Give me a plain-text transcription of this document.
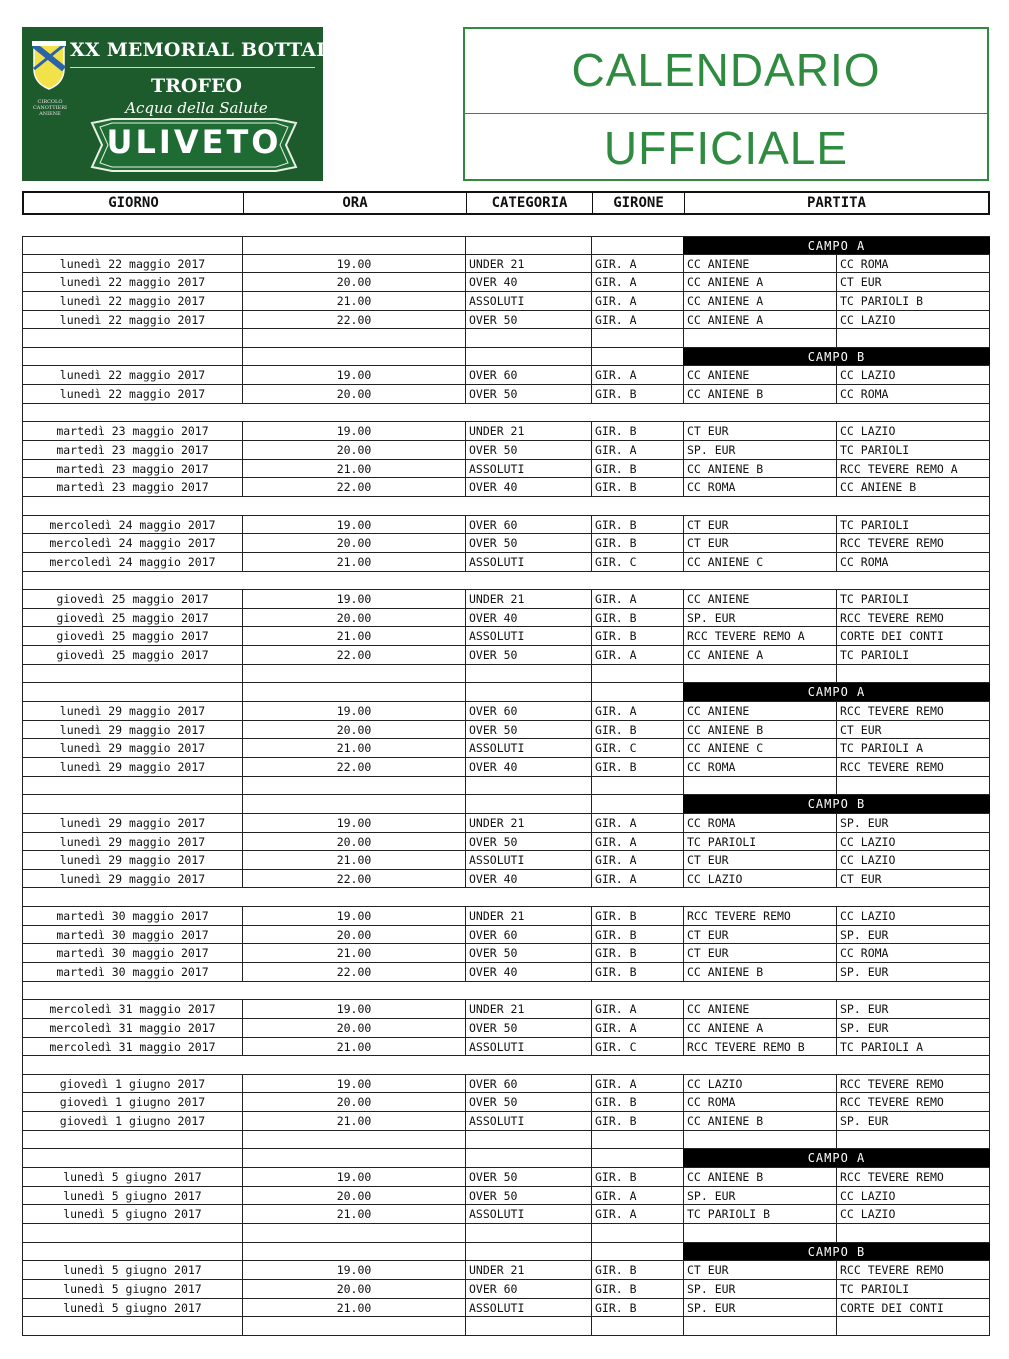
CIRCOLO CANOTTIERI ANIENE
XX MEMORIAL BOTTAI
TROFEO
Acqua della Salute
ULIVETO
CALENDARIO
UFFICIALE
GIORNO	ORA	CATEGORIA	GIRONE	PARTITA
CAMPO A
lunedì 22 maggio 2017	19.00	UNDER 21	GIR. A	CC ANIENE	CC ROMA
lunedì 22 maggio 2017	20.00	OVER 40	GIR. A	CC ANIENE A	CT EUR
lunedì 22 maggio 2017	21.00	ASSOLUTI	GIR. A	CC ANIENE A	TC PARIOLI B
lunedì 22 maggio 2017	22.00	OVER 50	GIR. A	CC ANIENE A	CC LAZIO
CAMPO B
lunedì 22 maggio 2017	19.00	OVER 60	GIR. A	CC ANIENE	CC LAZIO
lunedì 22 maggio 2017	20.00	OVER 50	GIR. B	CC ANIENE B	CC ROMA
martedì 23 maggio 2017	19.00	UNDER 21	GIR. B	CT EUR	CC LAZIO
martedì 23 maggio 2017	20.00	OVER 50	GIR. A	SP. EUR	TC PARIOLI
martedì 23 maggio 2017	21.00	ASSOLUTI	GIR. B	CC ANIENE B	RCC TEVERE REMO A
martedì 23 maggio 2017	22.00	OVER 40	GIR. B	CC ROMA	CC ANIENE B
mercoledì 24 maggio 2017	19.00	OVER 60	GIR. B	CT EUR	TC PARIOLI
mercoledì 24 maggio 2017	20.00	OVER 50	GIR. B	CT EUR	RCC TEVERE REMO
mercoledì 24 maggio 2017	21.00	ASSOLUTI	GIR. C	CC ANIENE C	CC ROMA
giovedì 25 maggio 2017	19.00	UNDER 21	GIR. A	CC ANIENE	TC PARIOLI
giovedì 25 maggio 2017	20.00	OVER 40	GIR. B	SP. EUR	RCC TEVERE REMO
giovedì 25 maggio 2017	21.00	ASSOLUTI	GIR. B	RCC TEVERE REMO A	CORTE DEI CONTI
giovedì 25 maggio 2017	22.00	OVER 50	GIR. A	CC ANIENE A	TC PARIOLI
CAMPO A
lunedì 29 maggio 2017	19.00	OVER 60	GIR. A	CC ANIENE	RCC TEVERE REMO
lunedì 29 maggio 2017	20.00	OVER 50	GIR. B	CC ANIENE B	CT EUR
lunedì 29 maggio 2017	21.00	ASSOLUTI	GIR. C	CC ANIENE C	TC PARIOLI A
lunedì 29 maggio 2017	22.00	OVER 40	GIR. B	CC ROMA	RCC TEVERE REMO
CAMPO B
lunedì 29 maggio 2017	19.00	UNDER 21	GIR. A	CC ROMA	SP. EUR
lunedì 29 maggio 2017	20.00	OVER 50	GIR. A	TC PARIOLI	CC LAZIO
lunedì 29 maggio 2017	21.00	ASSOLUTI	GIR. A	CT EUR	CC LAZIO
lunedì 29 maggio 2017	22.00	OVER 40	GIR. A	CC LAZIO	CT EUR
martedì 30 maggio 2017	19.00	UNDER 21	GIR. B	RCC TEVERE REMO	CC LAZIO
martedì 30 maggio 2017	20.00	OVER 60	GIR. B	CT EUR	SP. EUR
martedì 30 maggio 2017	21.00	OVER 50	GIR. B	CT EUR	CC ROMA
martedì 30 maggio 2017	22.00	OVER 40	GIR. B	CC ANIENE B	SP. EUR
mercoledì 31 maggio 2017	19.00	UNDER 21	GIR. A	CC ANIENE	SP. EUR
mercoledì 31 maggio 2017	20.00	OVER 50	GIR. A	CC ANIENE A	SP. EUR
mercoledì 31 maggio 2017	21.00	ASSOLUTI	GIR. C	RCC TEVERE REMO B	TC PARIOLI A
giovedì 1 giugno 2017	19.00	OVER 60	GIR. A	CC LAZIO	RCC TEVERE REMO
giovedì 1 giugno 2017	20.00	OVER 50	GIR. B	CC ROMA	RCC TEVERE REMO
giovedì 1 giugno 2017	21.00	ASSOLUTI	GIR. B	CC ANIENE B	SP. EUR
CAMPO A
lunedì 5 giugno 2017	19.00	OVER 50	GIR. B	CC ANIENE B	RCC TEVERE REMO
lunedì 5 giugno 2017	20.00	OVER 50	GIR. A	SP. EUR	CC LAZIO
lunedì 5 giugno 2017	21.00	ASSOLUTI	GIR. A	TC PARIOLI B	CC LAZIO
CAMPO B
lunedì 5 giugno 2017	19.00	UNDER 21	GIR. B	CT EUR	RCC TEVERE REMO
lunedì 5 giugno 2017	20.00	OVER 60	GIR. B	SP. EUR	TC PARIOLI
lunedì 5 giugno 2017	21.00	ASSOLUTI	GIR. B	SP. EUR	CORTE DEI CONTI
